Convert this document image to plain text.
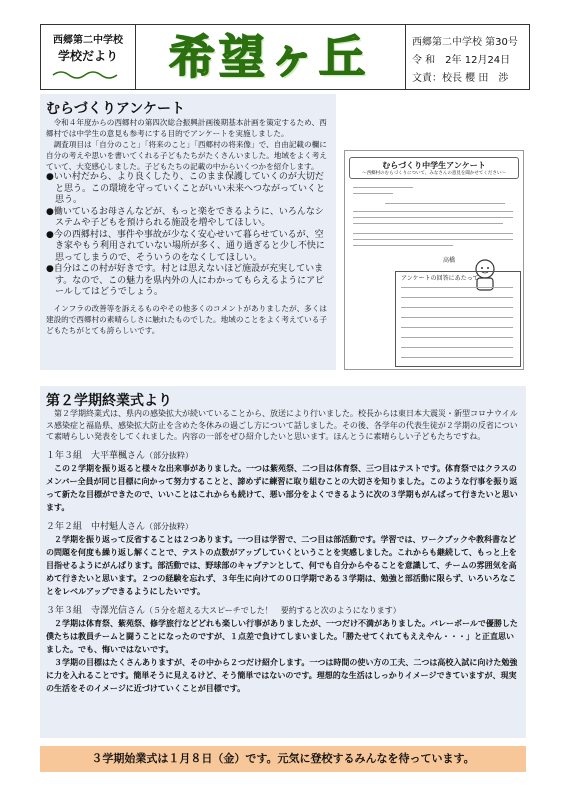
西郷第二中学校
学校だより	希望ヶ丘	西郷第二中学校 第30号
令 和　2年 12月24日
文責：校長 櫻 田　渉
むらづくりアンケート

令和４年度からの西郷村の第四次総合振興計画後期基本計画を策定するため、西郷村では中学生の意見も参考にする目的でアンケートを実施しました。

調査項目は「自分のこと」「将来のこと」「西郷村の将来像」で、自由記載の欄に自分の考えや思いを書いてくれる子どもたちがたくさんいました。地域をよく考えていて、大変感心しました。子どもたちの記載の中からいくつかを紹介します。

●いい村だから、より良くしたり、このまま保護していくのが大切だと思う。この環境を守っていくことがいい未来へつながっていくと思う。

●働いているお母さんなどが、もっと楽をできるように、いろんなシステムや子どもを預けられる施設を増やしてほしい。

●今の西郷村は、事件や事故が少なく安心せいて暮らせているが、空き家やもう利用されていない場所が多く、通り過ぎると少し不快に思ってしまうので、そういうのをなくしてほしい。

●自分はこの村が好きです。村とは思えないほど施設が充実しています。なので、この魅力を県内外の人にわかってもらえるようにアピールしてはどうでしょう。

インフラの改善等を訴えるものやその他多くのコメントがありましたが、多くは建設的で西郷村の素晴らしさに触れたものでした。地域のことをよく考えている子どもたちがとても誇らしいです。

むらづくり中学生アンケート
～西郷村のむらづくりについて、みなさんの意見を聞かせてください～
高橋
アンケートの回答にあたって
第２学期終業式より

第２学期終業式は、県内の感染拡大が続いていることから、放送により行いました。校長からは東日本大震災・新型コロナウイルス感染症と福島県、感染拡大防止を含めた冬休みの過ごし方について話しました。その後、各学年の代表生徒が２学期の反省について素晴らしい発表をしてくれました。内容の一部をぜひ紹介したいと思います。ほんとうに素晴らしい子どもたちですね。

１年３組　大平華楓さん（部分抜粋）

この２学期を振り返ると様々な出来事がありました。一つは紫苑祭、二つ目は体育祭、三つ目はテストです。体育祭ではクラスのメンバー全員が同じ目標に向かって努力することと、諦めずに練習に取り組むことの大切さを知りました。このような行事を振り返って新たな目標ができたので、いいことはこれからも続けて、悪い部分をよくできるように次の３学期もがんばって行きたいと思います。

２年２組　中村魁人さん（部分抜粋）

２学期を振り返って反省することは２つあります。一つ目は学習で、二つ目は部活動です。学習では、ワークブックや教科書などの問題を何度も繰り返し解くことで、テストの点数がアップしていくということを実感しました。これからも継続して、もっと上を目指せるようにがんばります。部活動では、野球部のキャプテンとして、何でも自分からやることを意識して、チームの雰囲気を高めて行きたいと思います。２つの経験を忘れず、３年生に向けての０口学期である３学期は、勉強と部活動に限らず、いろいろなことをレベルアップできるようにしたいです。

３年３組　寺澤光信さん（５分を超える大スピーチでした！　要約すると次のようになります）

２学期は体育祭、紫苑祭、修学旅行などどれも楽しい行事がありましたが、一つだけ不満がありました。バレーボールで優勝した僕たちは教員チームと闘うことになったのですが、１点差で負けてしまいました。「勝たせてくれてもええやん・・・」と正直思いました。でも、悔いではないです。

３学期の目標はたくさんありますが、その中から２つだけ紹介します。一つは時間の使い方の工夫、二つは高校入試に向けた勉強に力を入れることです。簡単そうに見えるけど、そう簡単ではないのです。理想的な生活はしっかりイメージできていますが、現実の生活をそのイメージに近づけていくことが目標です。

３学期始業式は１月８日（金）です。元気に登校するみんなを待っています。
